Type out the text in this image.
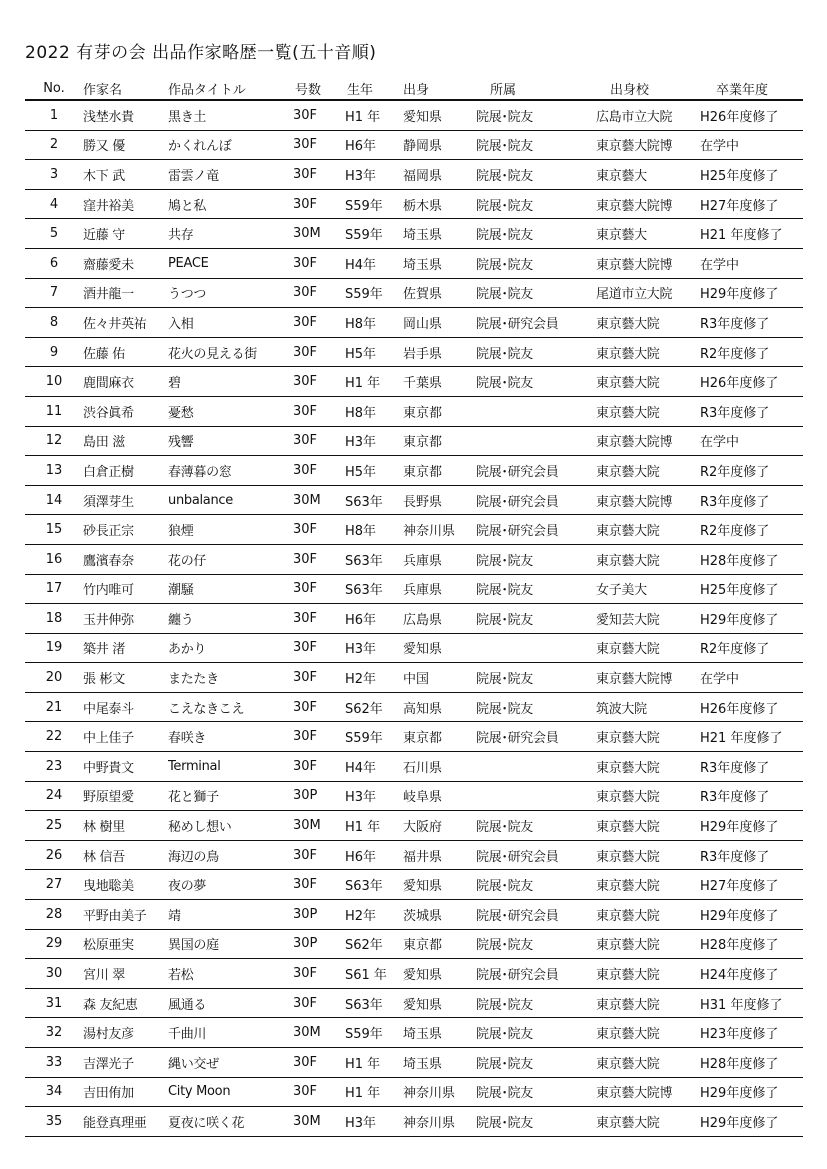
2022 有芽の会 出品作家略歴一覧(五十音順)
No.	作家名	作品タイトル	号数	生年	出身	所属	出身校	卒業年度
1	浅埜水貴	黒き土	30F	H1 年	愛知県	院展･院友	広島市立大院	H26年度修了
2	勝又 優	かくれんぼ	30F	H6年	静岡県	院展･院友	東京藝大院博	在学中
3	木下 武	雷雲ノ竜	30F	H3年	福岡県	院展･院友	東京藝大	H25年度修了
4	窪井裕美	鳩と私	30F	S59年	栃木県	院展･院友	東京藝大院博	H27年度修了
5	近藤 守	共存	30M	S59年	埼玉県	院展･院友	東京藝大	H21 年度修了
6	齋藤愛未	PEACE	30F	H4年	埼玉県	院展･院友	東京藝大院博	在学中
7	酒井龍一	うつつ	30F	S59年	佐賀県	院展･院友	尾道市立大院	H29年度修了
8	佐々井英祐	入相	30F	H8年	岡山県	院展･研究会員	東京藝大院	R3年度修了
9	佐藤 佑	花火の見える街	30F	H5年	岩手県	院展･院友	東京藝大院	R2年度修了
10	鹿間麻衣	碧	30F	H1 年	千葉県	院展･院友	東京藝大院	H26年度修了
11	渋谷眞希	憂愁	30F	H8年	東京都		東京藝大院	R3年度修了
12	島田 滋	残響	30F	H3年	東京都		東京藝大院博	在学中
13	白倉正樹	春薄暮の窓	30F	H5年	東京都	院展･研究会員	東京藝大院	R2年度修了
14	須澤芽生	unbalance	30M	S63年	長野県	院展･研究会員	東京藝大院博	R3年度修了
15	砂長正宗	狼煙	30F	H8年	神奈川県	院展･研究会員	東京藝大院	R2年度修了
16	鷹濱春奈	花の仔	30F	S63年	兵庫県	院展･院友	東京藝大院	H28年度修了
17	竹内唯可	潮騒	30F	S63年	兵庫県	院展･院友	女子美大	H25年度修了
18	玉井伸弥	纏う	30F	H6年	広島県	院展･院友	愛知芸大院	H29年度修了
19	築井 渚	あかり	30F	H3年	愛知県		東京藝大院	R2年度修了
20	張 彬文	またたき	30F	H2年	中国	院展･院友	東京藝大院博	在学中
21	中尾泰斗	こえなきこえ	30F	S62年	高知県	院展･院友	筑波大院	H26年度修了
22	中上佳子	春咲き	30F	S59年	東京都	院展･研究会員	東京藝大院	H21 年度修了
23	中野貴文	Terminal	30F	H4年	石川県		東京藝大院	R3年度修了
24	野原望愛	花と獅子	30P	H3年	岐阜県		東京藝大院	R3年度修了
25	林 樹里	秘めし想い	30M	H1 年	大阪府	院展･院友	東京藝大院	H29年度修了
26	林 信吾	海辺の鳥	30F	H6年	福井県	院展･研究会員	東京藝大院	R3年度修了
27	曳地聡美	夜の夢	30F	S63年	愛知県	院展･院友	東京藝大院	H27年度修了
28	平野由美子	靖	30P	H2年	茨城県	院展･研究会員	東京藝大院	H29年度修了
29	松原亜実	異国の庭	30P	S62年	東京都	院展･院友	東京藝大院	H28年度修了
30	宮川 翠	若松	30F	S61 年	愛知県	院展･研究会員	東京藝大院	H24年度修了
31	森 友紀恵	風通る	30F	S63年	愛知県	院展･院友	東京藝大院	H31 年度修了
32	湯村友彦	千曲川	30M	S59年	埼玉県	院展･院友	東京藝大院	H23年度修了
33	吉澤光子	縄い交ぜ	30F	H1 年	埼玉県	院展･院友	東京藝大院	H28年度修了
34	吉田侑加	City Moon	30F	H1 年	神奈川県	院展･院友	東京藝大院博	H29年度修了
35	能登真理亜	夏夜に咲く花	30M	H3年	神奈川県	院展･院友	東京藝大院	H29年度修了
